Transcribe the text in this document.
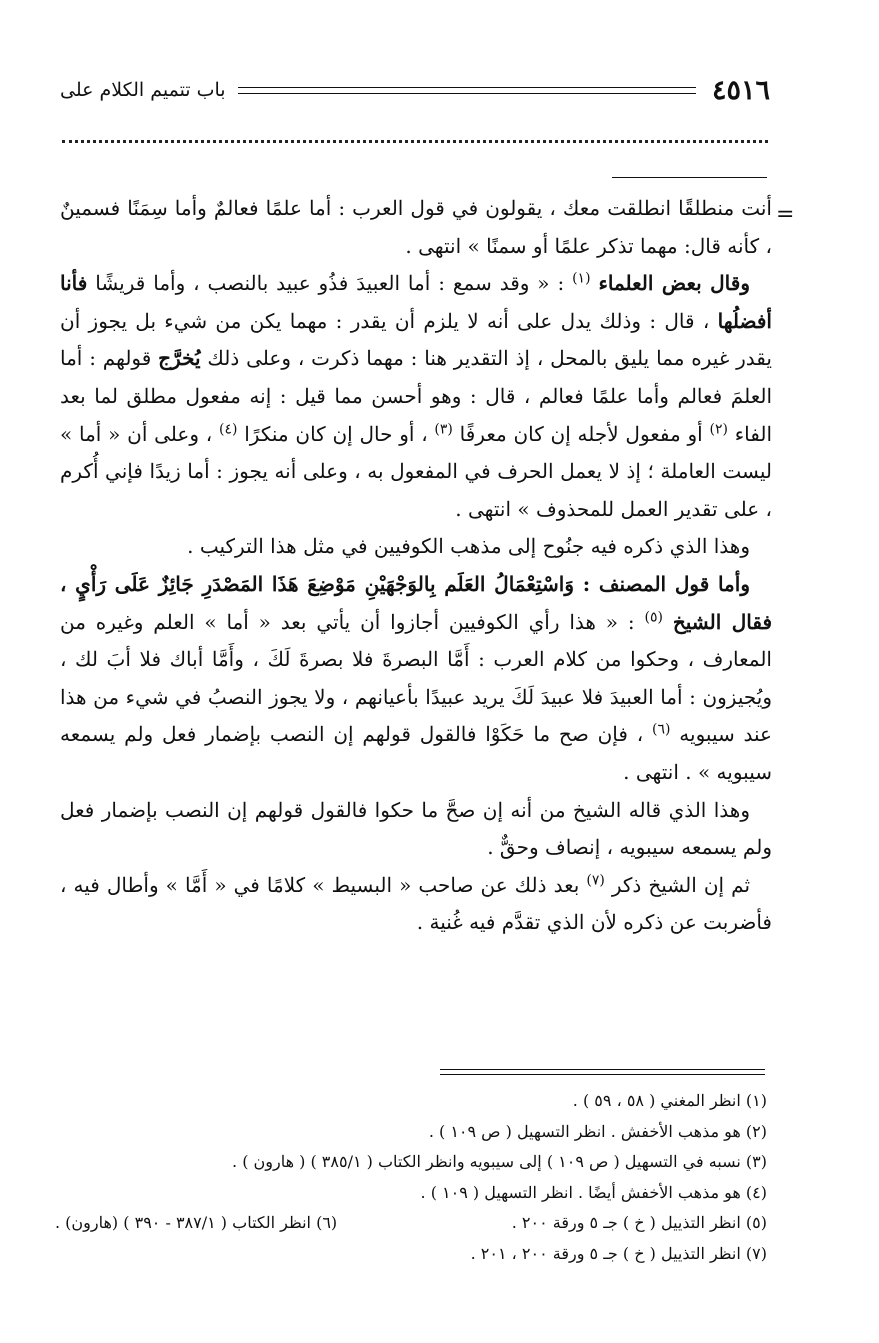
٤٥١٦
باب تتميم الكلام على
=

أنت منطلقًا انطلقت معك ، يقولون في قول العرب : أما علمًا فعالمٌ وأما سِمَنًا فسمينٌ ، كأنه قال: مهما تذكر علمًا أو سمنًا » انتهى .

وقال بعض العلماء $^{(١)}$ : « وقد سمع : أما العبيدَ فذُو عبيد بالنصب ، وأما قريشًا فأنا أفضلُها ، قال : وذلك يدل على أنه لا يلزم أن يقدر : مهما يكن من شيء بل يجوز أن يقدر غيره مما يليق بالمحل ، إذ التقدير هنا : مهما ذكرت ، وعلى ذلك يُخرَّج قولهم : أما العلمَ فعالم وأما علمًا فعالم ، قال : وهو أحسن مما قيل : إنه مفعول مطلق لما بعد الفاء $^{(٢)}$ أو مفعول لأجله إن كان معرفًا $^{(٣)}$ ، أو حال إن كان منكرًا $^{(٤)}$ ، وعلى أن « أما » ليست العاملة ؛ إذ لا يعمل الحرف في المفعول به ، وعلى أنه يجوز : أما زيدًا فإني أُكرم ، على تقدير العمل للمحذوف » انتهى .

وهذا الذي ذكره فيه جنُوح إلى مذهب الكوفيين في مثل هذا التركيب .

وأما قول المصنف : وَاسْتِعْمَالُ العَلَم بِالوَجْهَيْنِ مَوْضِعَ هَذَا المَصْدَرِ جَائِزٌ عَلَى رَأْيٍ ، فقال الشيخ $^{(٥)}$ : « هذا رأي الكوفيين أجازوا أن يأتي بعد « أما » العلم وغيره من المعارف ، وحكوا من كلام العرب : أَمَّا البصرةَ فلا بصرةَ لَكَ ، وأَمَّا أباك فلا أبَ لك ، ويُجيزون : أما العبيدَ فلا عبيدَ لَكَ يريد عبيدًا بأعيانهم ، ولا يجوز النصبُ في شيء من هذا عند سيبويه $^{(٦)}$ ، فإن صح ما حَكَوْا فالقول قولهم إن النصب بإضمار فعل ولم يسمعه سيبويه » . انتهى .

وهذا الذي قاله الشيخ من أنه إن صحَّ ما حكوا فالقول قولهم إن النصب بإضمار فعل ولم يسمعه سيبويه ، إنصاف وحقٌّ .

ثم إن الشيخ ذكر $^{(٧)}$ بعد ذلك عن صاحب « البسيط » كلامًا في « أَمَّا » وأطال فيه ، فأضربت عن ذكره لأن الذي تقدَّم فيه غُنية .

(١) انظر المغني ( ٥٨ ، ٥٩ ) .
(٢) هو مذهب الأخفش . انظر التسهيل ( ص ١٠٩ ) .
(٣) نسبه في التسهيل ( ص ١٠٩ ) إلى سيبويه وانظر الكتاب ( ٣٨٥/١ ) ( هارون ) .
(٤) هو مذهب الأخفش أيضًا . انظر التسهيل ( ١٠٩ ) .
(٥) انظر التذييل ( خ ) جـ ٥ ورقة ٢٠٠ .
(٦) انظر الكتاب ( ٣٨٧/١ - ٣٩٠ ) (هارون) .
(٧) انظر التذييل ( خ ) جـ ٥ ورقة ٢٠٠ ، ٢٠١ .
